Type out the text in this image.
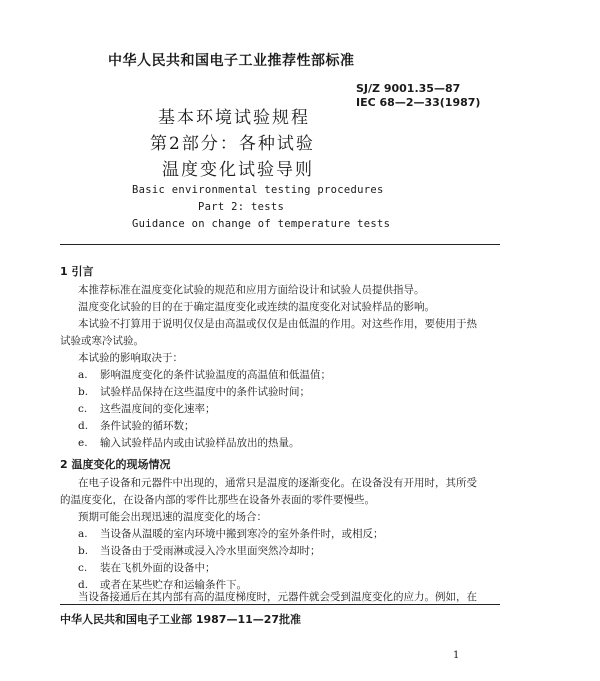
中华人民共和国电子工业推荐性部标准
SJ/Z 9001.35—87
IEC 68—2—33(1987)
基本环境试验规程
第2部分：各种试验
温度变化试验导则
Basic environmental testing procedures
Part 2: tests
Guidance on change of temperature tests
1 引言
本推荐标准在温度变化试验的规范和应用方面给设计和试验人员提供指导。
温度变化试验的目的在于确定温度变化或连续的温度变化对试验样品的影响。
本试验不打算用于说明仅仅是由高温或仅仅是由低温的作用。对这些作用，要使用于热
试验或寒冷试验。
本试验的影响取决于：
a. 影响温度变化的条件试验温度的高温值和低温值；
b. 试验样品保持在这些温度中的条件试验时间；
c. 这些温度间的变化速率；
d. 条件试验的循环数；
e. 输入试验样品内或由试验样品放出的热量。
2 温度变化的现场情况
在电子设备和元器件中出现的，通常只是温度的逐渐变化。在设备没有开用时，其所受
的温度变化，在设备内部的零件比那些在设备外表面的零件要慢些。
预期可能会出现迅速的温度变化的场合：
a. 当设备从温暖的室内环境中搬到寒冷的室外条件时，或相反；
b. 当设备由于受雨淋或浸入冷水里面突然冷却时；
c. 装在飞机外面的设备中；
d. 或者在某些贮存和运输条件下。
当设备接通后在其内部有高的温度梯度时，元器件就会受到温度变化的应力。例如，在
中华人民共和国电子工业部 1987—11—27批准
1
